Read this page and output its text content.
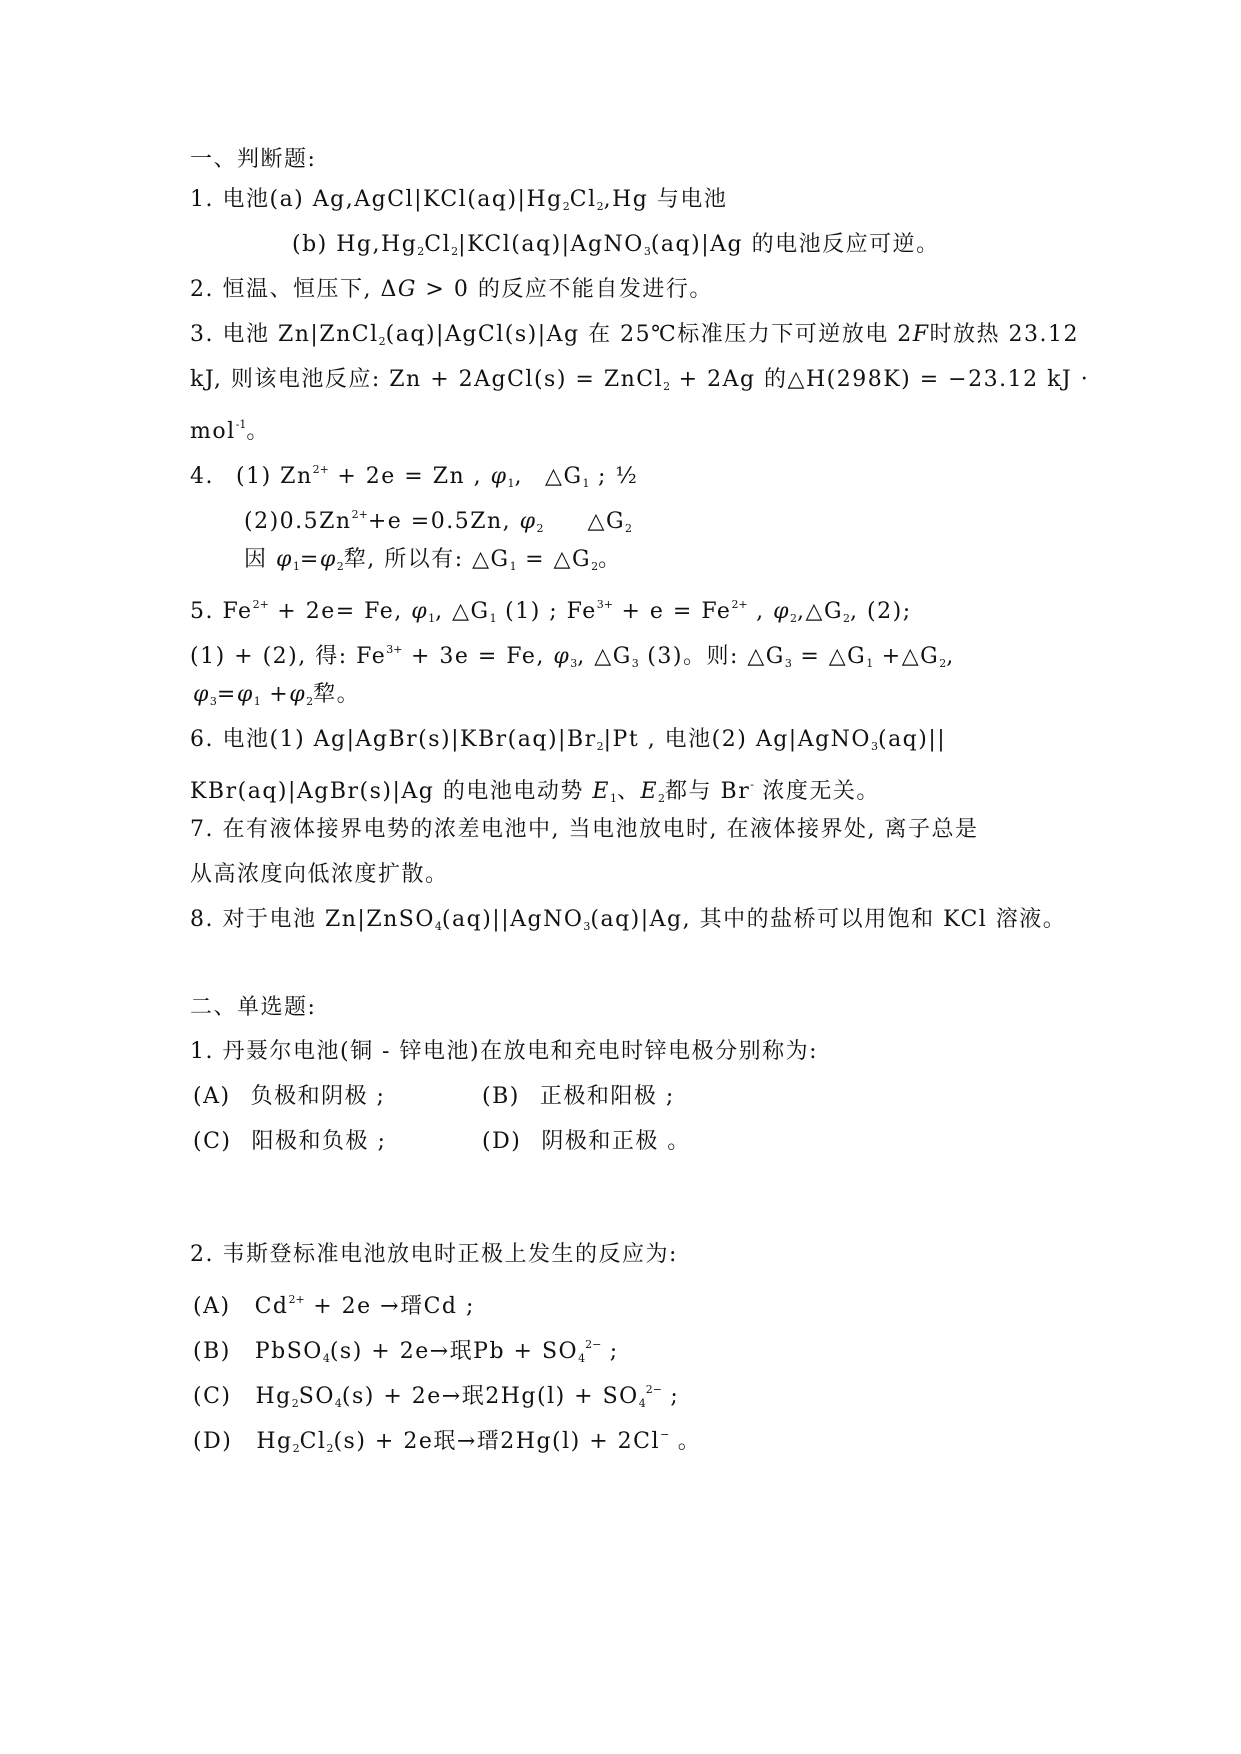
一、判断题:
1. 电池(a) $Ag,AgCl|KCl(aq)|Hg_2Cl_2,Hg$ 与电池
(b) $Hg,Hg_2Cl_2|KCl(aq)|AgNO_3(aq)|Ag$ 的电池反应可逆。
2. 恒温、恒压下, ΔG > 0 的反应不能自发进行。
3. 电池 Zn|ZnCl$_2$(aq)|AgCl(s)|Ag 在 25℃标准压力下可逆放电 2F时放热 23.12
kJ, 则该电池反应: Zn + 2AgCl(s) = ZnCl$_2$ + 2Ag 的△H(298K) = −23.12 kJ ·
mol$^{-1}$。
4. (1) $Zn^{2+} + 2e = Zn$ , $\varphi_1$, $\triangle G_1$ ; ½
$(2)0.5Zn^{2+}+e =0.5Zn$, $\varphi_2$ $\triangle G_2$
因 $\varphi_1=\varphi_2$犂, 所以有: $\triangle G_1$ = $\triangle G_2$。
5. $Fe^{2+} + 2e= Fe$, $\varphi_1$, $\triangle G_1$ (1) ; $Fe^{3+} + e = Fe^{2+}$ , $\varphi_2,\triangle G_2$, (2);
(1) + (2), 得: $Fe^{3+} + 3e = Fe$, $\varphi_3$, $\triangle G_3$ (3)。则: $\triangle G_3$ = $\triangle G_1$ $+\triangle G_2$,
$\varphi_3=\varphi_1 +\varphi_2$犂。
6. 电池(1) $Ag|AgBr(s)|KBr(aq)|Br_2|Pt$ , 电池(2) Ag|AgNO$_3$(aq)||
KBr(aq)|AgBr(s)|Ag 的电池电动势 $E_1$、$E_2$都与 Br- 浓度无关。
7. 在有液体接界电势的浓差电池中, 当电池放电时, 在液体接界处, 离子总是
从高浓度向低浓度扩散。
8. 对于电池 Zn|ZnSO$_4$(aq)||AgNO$_3$(aq)|Ag, 其中的盐桥可以用饱和 KCl 溶液。
二、单选题:
1. 丹聂尔电池(铜 - 锌电池)在放电和充电时锌电极分别称为:
(A) 负极和阴极 ;	(B) 正极和阳极 ;
(C) 阳极和负极 ;	(D) 阴极和正极 。
2. 韦斯登标准电池放电时正极上发生的反应为:
(A) $Cd^{2+} + 2e$ →瑨Cd ;
(B) PbSO$_4$(s) + 2e→珉$Pb + SO_4^{2-}$ ;
(C) $Hg_2SO_4(s) + 2e\to$珉$2Hg(l) + SO_4^{2-}$ ;
(D) $Hg_2Cl_2(s) + 2e$珉→瑨2Hg(l) + 2Cl− 。
